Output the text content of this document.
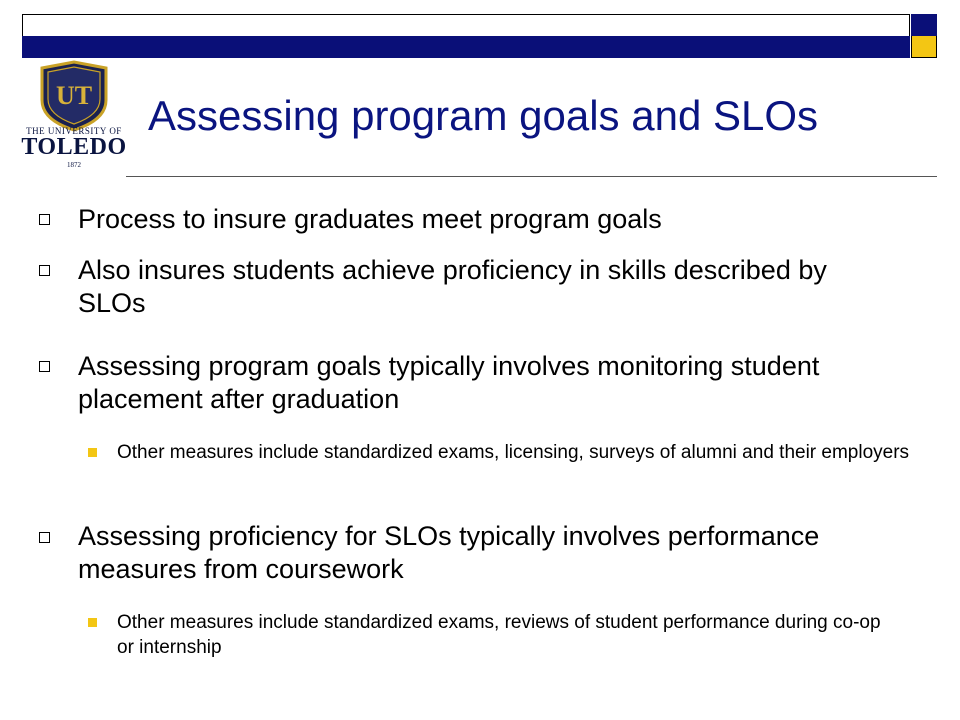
UT
THE UNIVERSITY OF
TOLEDO
1872
Assessing program goals and SLOs
Process to insure graduates meet program goals
Also insures students achieve proficiency in skills described by SLOs
Assessing program goals typically involves monitoring student placement after graduation
Other measures include standardized exams, licensing, surveys of alumni and their employers
Assessing proficiency for SLOs typically involves performance measures from coursework
Other measures include standardized exams, reviews of student performance during co-op or internship
